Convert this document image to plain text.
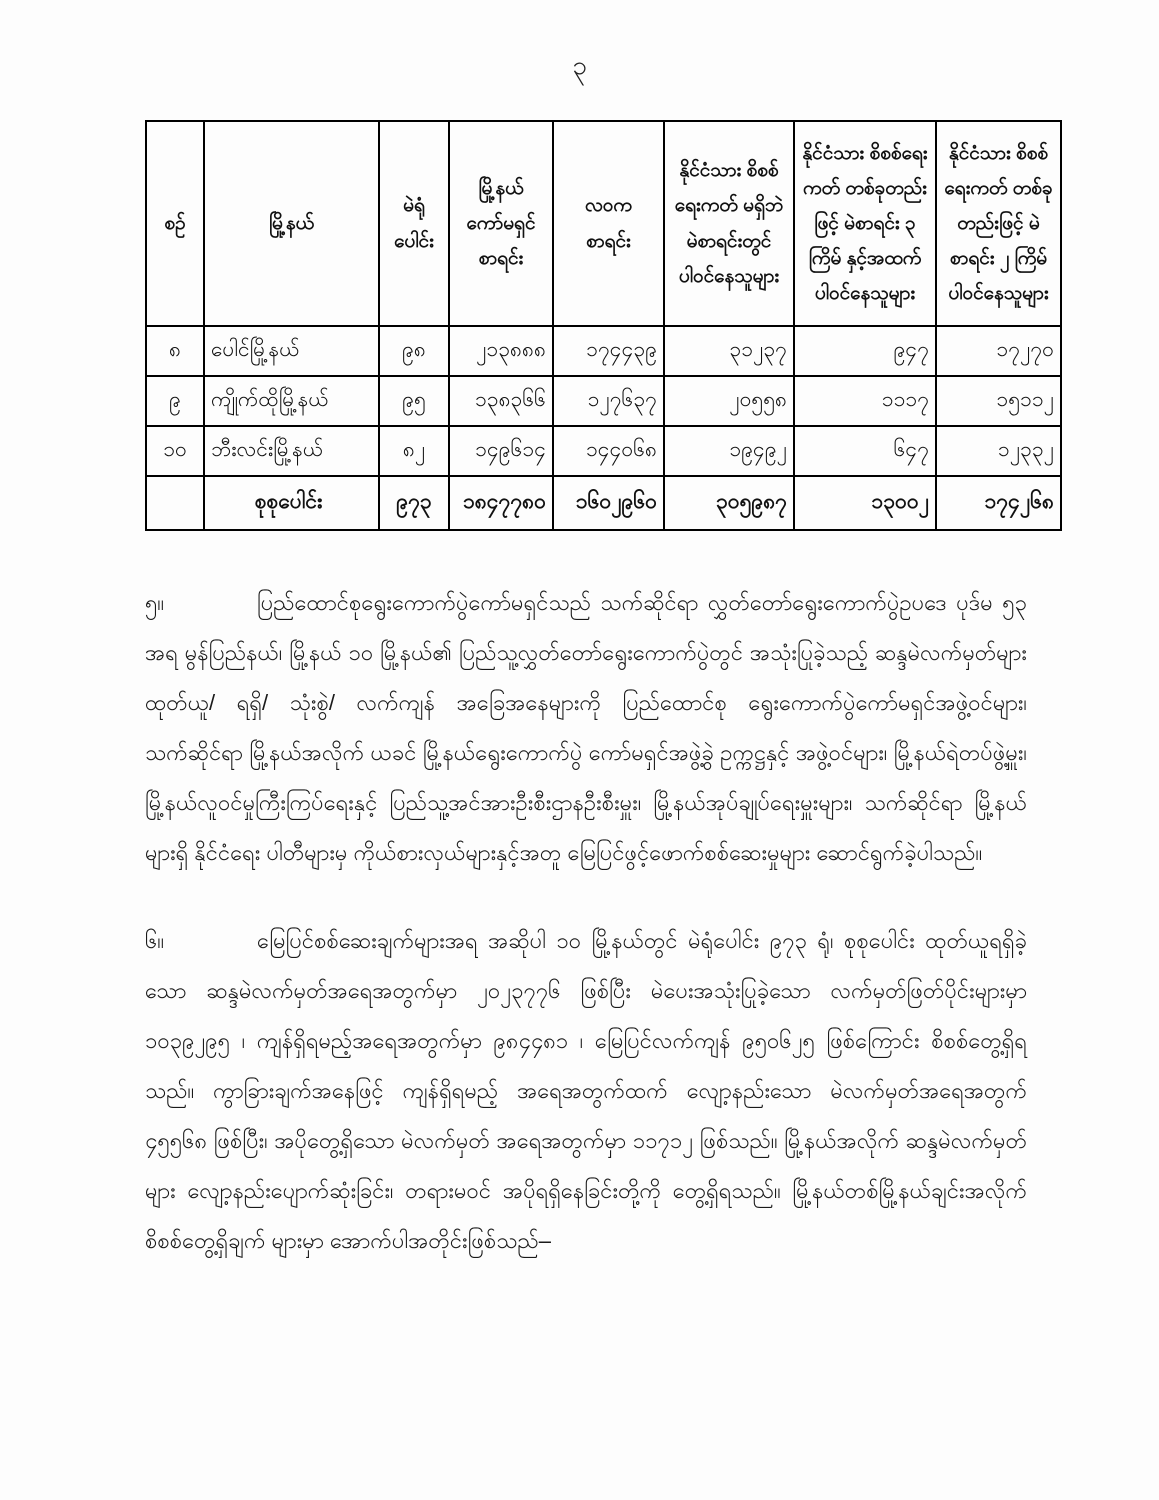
၃
စဉ်	မြို့နယ်	မဲရုံ ပေါင်း	မြို့နယ် ကော်မရှင် စာရင်း	လဝက စာရင်း	နိုင်ငံသား စိစစ်ရေးကတ် မရှိဘဲ မဲစာရင်းတွင် ပါဝင်နေသူများ	နိုင်ငံသား စိစစ်ရေးကတ် တစ်ခုတည်းဖြင့် မဲစာရင်း ၃ ကြိမ် နှင့်အထက် ပါဝင်နေသူများ	နိုင်ငံသား စိစစ်ရေးကတ် တစ်ခုတည်းဖြင့် မဲစာရင်း ၂ ကြိမ် ပါဝင်နေသူများ
၈	ပေါင်မြို့နယ်	၉၈	၂၁၃၈၈၈	၁၇၄၄၃၉	၃၁၂၃၇	၉၄၇	၁၇၂၇၀
၉	ကျိုက်ထိုမြို့နယ်	၉၅	၁၃၈၃၆၆	၁၂၇၆၃၇	၂၀၅၅၈	၁၁၁၇	၁၅၁၁၂
၁၀	ဘီးလင်းမြို့နယ်	၈၂	၁၄၉၆၁၄	၁၄၄၀၆၈	၁၉၄၉၂	၆၄၇	၁၂၃၃၂
	စုစုပေါင်း	၉၇၃	၁၈၄၇၇၈၀	၁၆၀၂၉၆၀	၃၀၅၉၈၇	၁၃၀၀၂	၁၇၄၂၆၈
၅။	ပြည်ထောင်စုရွေးကောက်ပွဲကော်မရှင်သည် သက်ဆိုင်ရာ လွှတ်တော်ရွေးကောက်ပွဲဥပဒေ ပုဒ်မ ၅၃ အရ မွန်ပြည်နယ်၊ မြို့နယ် ၁၀ မြို့နယ်၏ ပြည်သူ့လွှတ်တော်ရွေးကောက်ပွဲတွင် အသုံးပြုခဲ့သည့် ဆန္ဒမဲလက်မှတ်များ ထုတ်ယူ/ ရရှိ/ သုံးစွဲ/ လက်ကျန် အခြေအနေများကို ပြည်ထောင်စု ရွေးကောက်ပွဲကော်မရှင်အဖွဲ့ဝင်များ၊ သက်ဆိုင်ရာ မြို့နယ်အလိုက် ယခင် မြို့နယ်ရွေးကောက်ပွဲ ကော်မရှင်အဖွဲ့ခွဲ ဥက္ကဋ္ဌနှင့် အဖွဲ့ဝင်များ၊ မြို့နယ်ရဲတပ်ဖွဲ့မှူး၊ မြို့နယ်လူဝင်မှုကြီးကြပ်ရေးနှင့် ပြည်သူ့အင်အားဦးစီးဌာနဦးစီးမှူး၊ မြို့နယ်အုပ်ချုပ်ရေးမှူးများ၊ သက်ဆိုင်ရာ မြို့နယ်များရှိ နိုင်ငံရေး ပါတီများမှ ကိုယ်စားလှယ်များနှင့်အတူ မြေပြင်ဖွင့်ဖောက်စစ်ဆေးမှုများ ဆောင်ရွက်ခဲ့ပါသည်။
၆။	မြေပြင်စစ်ဆေးချက်များအရ အဆိုပါ ၁၀ မြို့နယ်တွင် မဲရုံပေါင်း ၉၇၃ ရုံ၊ စုစုပေါင်း ထုတ်ယူရရှိခဲ့သော ဆန္ဒမဲလက်မှတ်အရေအတွက်မှာ ၂၀၂၃၇၇၆ ဖြစ်ပြီး မဲပေးအသုံးပြုခဲ့သော လက်မှတ်ဖြတ်ပိုင်းများမှာ ၁၀၃၉၂၉၅ ၊ ကျန်ရှိရမည့်အရေအတွက်မှာ ၉၈၄၄၈၁ ၊ မြေပြင်လက်ကျန် ၉၅၀၆၂၅ ဖြစ်ကြောင်း စိစစ်တွေ့ရှိရသည်။ ကွာခြားချက်အနေဖြင့် ကျန်ရှိရမည့် အရေအတွက်ထက် လျော့နည်းသော မဲလက်မှတ်အရေအတွက် ၄၅၅၆၈ ဖြစ်ပြီး၊ အပိုတွေ့ရှိသော မဲလက်မှတ် အရေအတွက်မှာ ၁၁၇၁၂ ဖြစ်သည်။ မြို့နယ်အလိုက် ဆန္ဒမဲလက်မှတ်များ လျော့နည်းပျောက်ဆုံးခြင်း၊ တရားမဝင် အပိုရရှိနေခြင်းတို့ကို တွေ့ရှိရသည်။ မြို့နယ်တစ်မြို့နယ်ချင်းအလိုက် စိစစ်တွေ့ရှိချက် များမှာ အောက်ပါအတိုင်းဖြစ်သည်–
